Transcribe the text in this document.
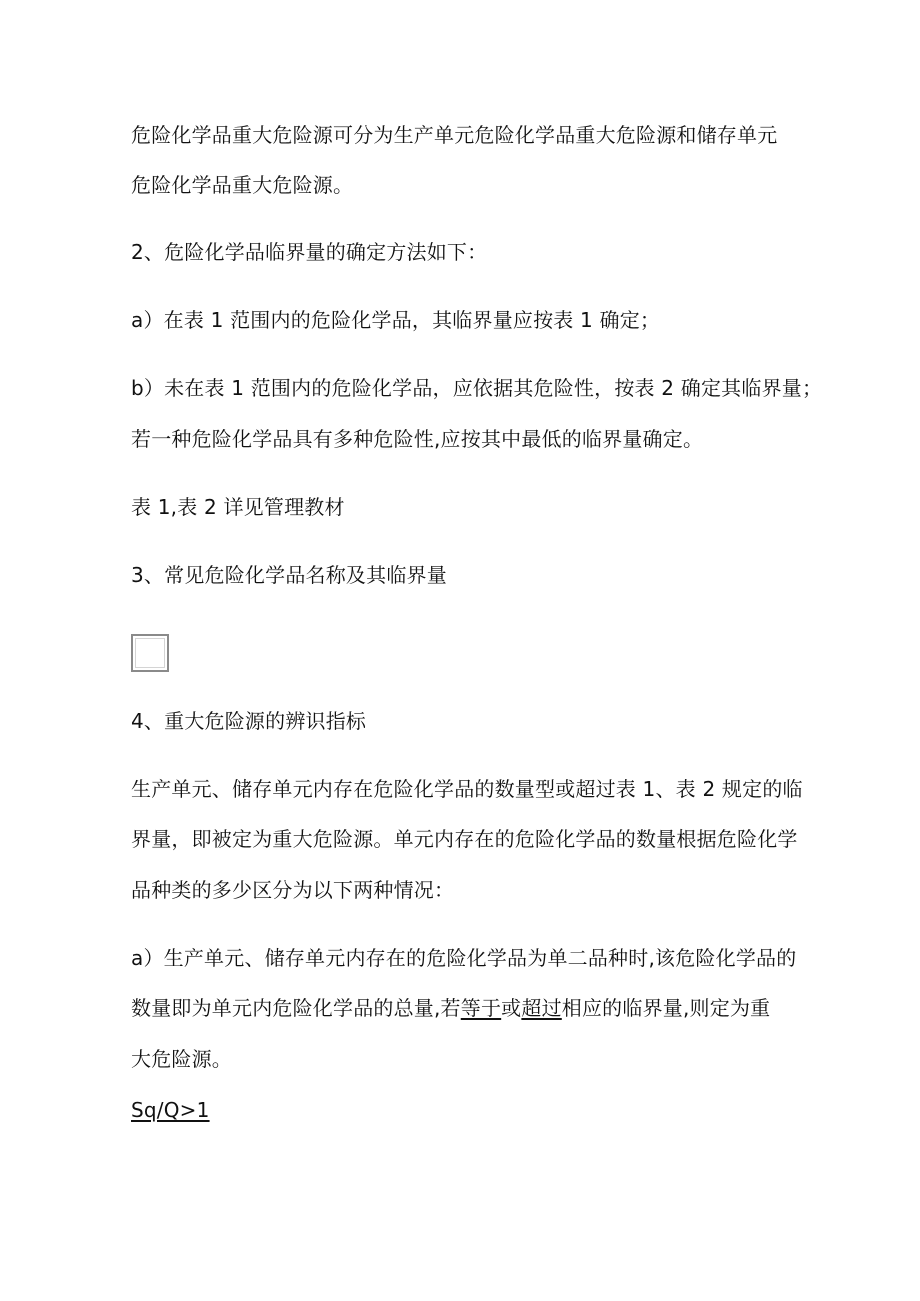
危险化学品重大危险源可分为生产单元危险化学品重大危险源和储存单元
危险化学品重大危险源。
2、危险化学品临界量的确定方法如下：
a）在表 1 范围内的危险化学品，其临界量应按表 1 确定；
b）未在表 1 范围内的危险化学品，应依据其危险性，按表 2 确定其临界量；
若一种危险化学品具有多种危险性,应按其中最低的临界量确定。
表 1,表 2 详见管理教材
3、常见危险化学品名称及其临界量
4、重大危险源的辨识指标
生产单元、储存单元内存在危险化学品的数量型或超过表 1、表 2 规定的临
界量，即被定为重大危险源。单元内存在的危险化学品的数量根据危险化学
品种类的多少区分为以下两种情况：
a）生产单元、储存单元内存在的危险化学品为单二品种时,该危险化学品的
数量即为单元内危险化学品的总量,若等于或超过相应的临界量,则定为重
大危险源。
Sq/Q>1
